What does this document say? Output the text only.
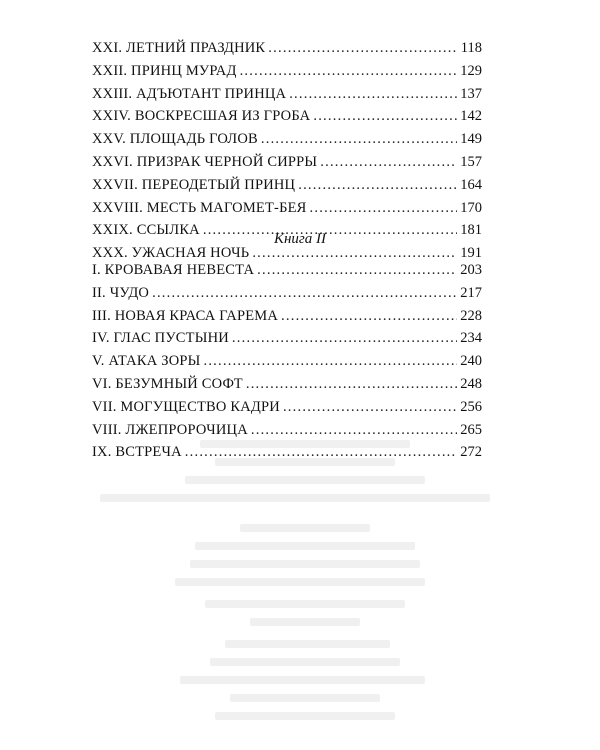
XXI. ЛЕТНИЙ ПРАЗДНИК . . .	118
XXII. ПРИНЦ МУРАД . . .	129
XXIII. АДЪЮТАНТ ПРИНЦА . . .	137
XXIV. ВОСКРЕСШАЯ ИЗ ГРОБА . . .	142
XXV. ПЛОЩАДЬ ГОЛОВ . . .	149
XXVI. ПРИЗРАК ЧЕРНОЙ СИРРЫ . . .	157
XXVII. ПЕРЕОДЕТЫЙ ПРИНЦ . . .	164
XXVIII. МЕСТЬ МАГОМЕТ-БЕЯ . . .	170
XXIX. ССЫЛКА . . .	181
XXX. УЖАСНАЯ НОЧЬ . . .	191

Книга II

I. КРОВАВАЯ НЕВЕСТА . . .	203
II. ЧУДО . . .	217
III. НОВАЯ КРАСА ГАРЕМА . . .	228
IV. ГЛАС ПУСТЫНИ . . .	234
V. АТАКА ЗОРЫ . . .	240
VI. БЕЗУМНЫЙ СОФТ . . .	248
VII. МОГУЩЕСТВО КАДРИ . . .	256
VIII. ЛЖЕПРОРОЧИЦА . . .	265
IX. ВСТРЕЧА . . .	272
